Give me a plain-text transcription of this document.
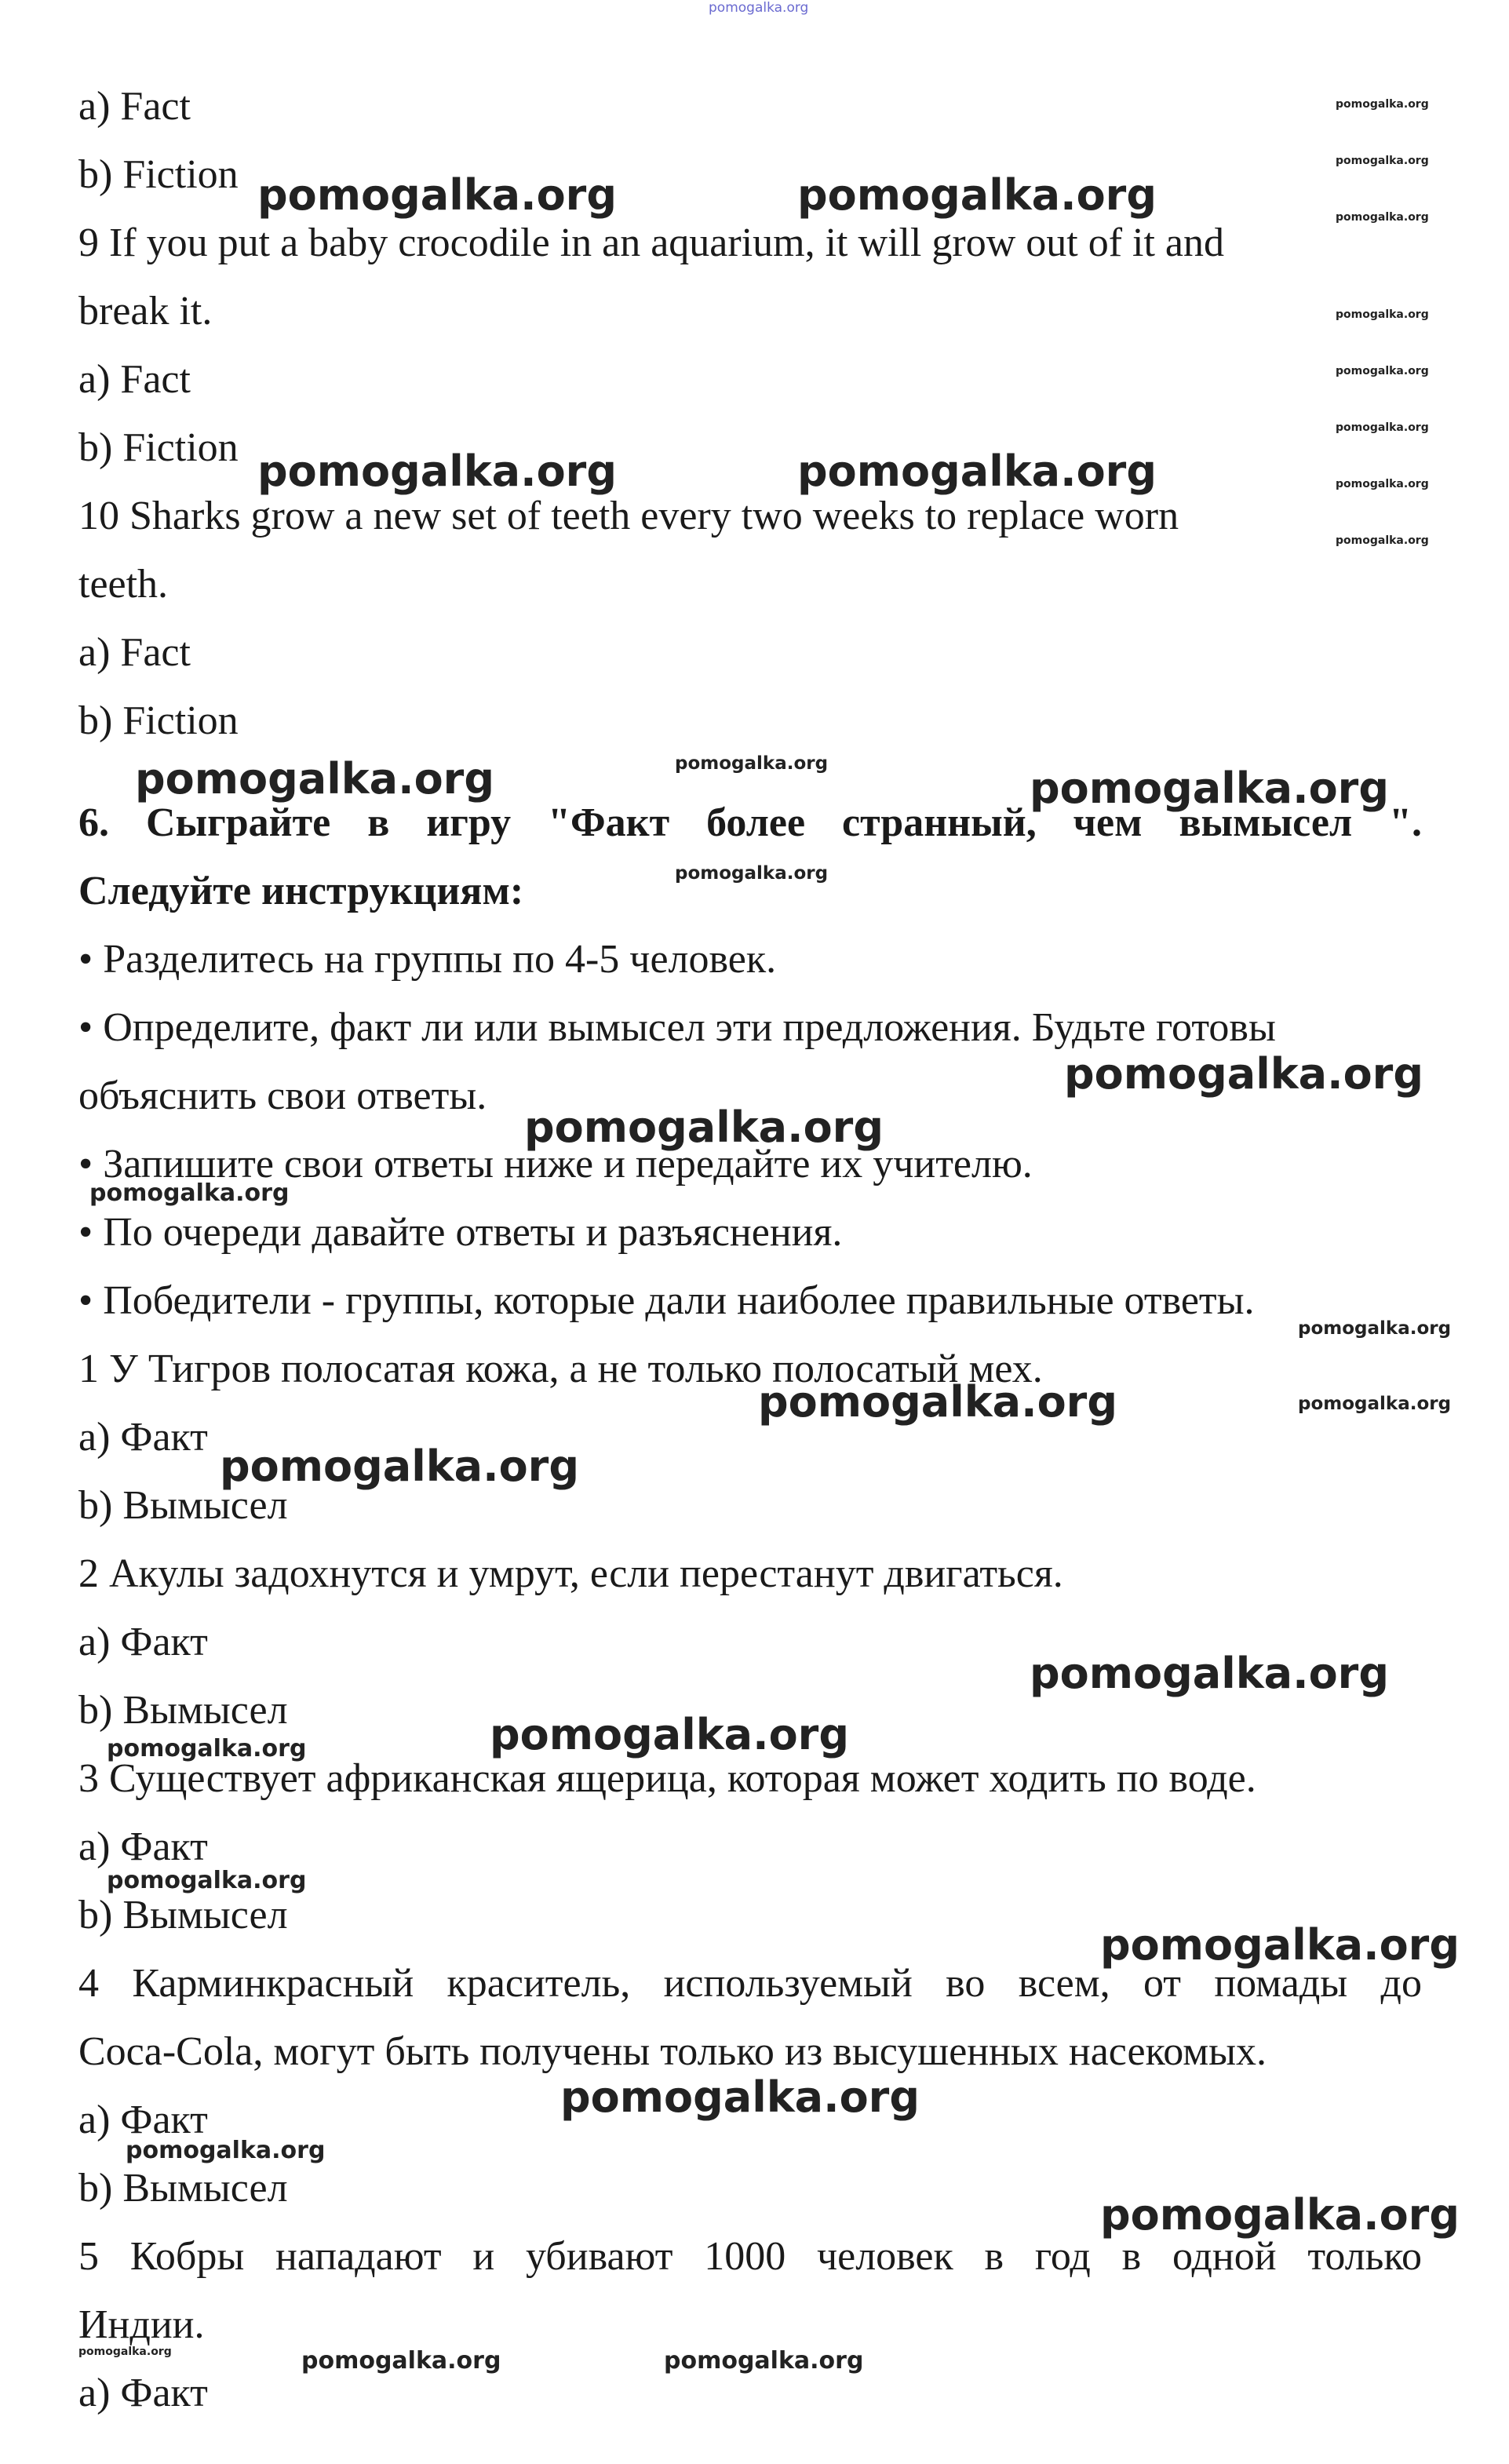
pomogalka.org

a) Fact

b) Fiction

9 If you put a baby crocodile in an aquarium, it will grow out of it and

break it.

a) Fact

b) Fiction

10 Sharks grow a new set of teeth every two weeks to replace worn

teeth.

a) Fact

b) Fiction

6. Сыграйте в игру "Факт более странный, чем вымысел ".

Следуйте инструкциям:

• Разделитесь на группы по 4-5 человек.

• Определите, факт ли или вымысел эти предложения. Будьте готовы

объяснить свои ответы.

• Запишите свои ответы ниже и передайте их учителю.

• По очереди давайте ответы и разъяснения.

• Победители - группы, которые дали наиболее правильные ответы.

1 У Тигров полосатая кожа, а не только полосатый мех.

a) Факт

b) Вымысел

2 Акулы задохнутся и умрут, если перестанут двигаться.

a) Факт

b) Вымысел

3 Существует африканская ящерица, которая может ходить по воде.

a) Факт

b) Вымысел

4 Карминкрасный краситель, используемый во всем, от помады до

Coca-Cola, могут быть получены только из высушенных насекомых.

a) Факт

b) Вымысел

5 Кобры нападают и убивают 1000 человек в год в одной только

Индии.

a) Факт

pomogalka.org
pomogalka.org
pomogalka.org
pomogalka.org
pomogalka.org
pomogalka.org
pomogalka.org
pomogalka.org
pomogalka.org	pomogalka.org
pomogalka.org	pomogalka.org
pomogalka.org	pomogalka.org	pomogalka.org
pomogalka.org
pomogalka.org
pomogalka.org
pomogalka.org
pomogalka.org
pomogalka.org
pomogalka.org
pomogalka.org
pomogalka.org
pomogalka.org
pomogalka.org
pomogalka.org
pomogalka.org
pomogalka.org
pomogalka.org
pomogalka.org
pomogalka.org	pomogalka.org	pomogalka.org
